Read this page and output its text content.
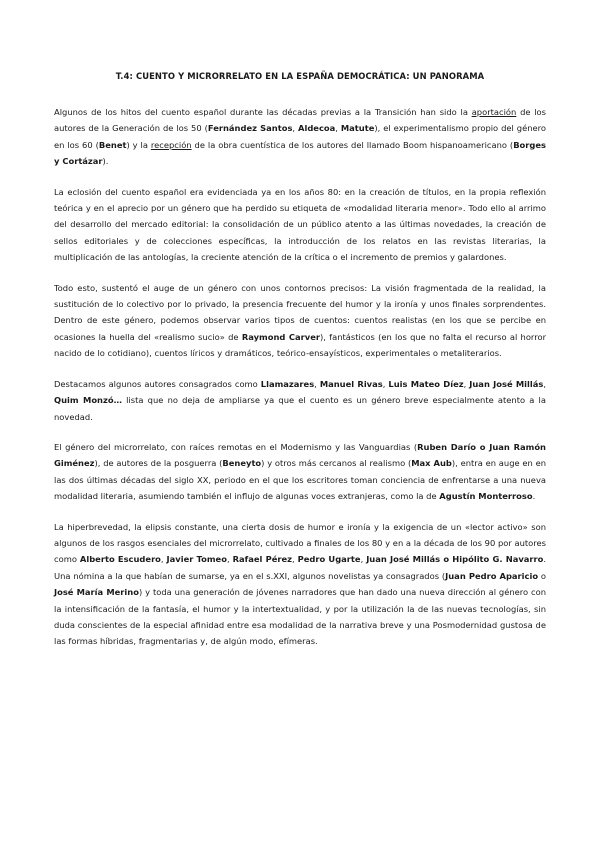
T.4: CUENTO Y MICRORRELATO EN LA ESPAÑA DEMOCRÁTICA: UN PANORAMA

Algunos de los hitos del cuento español durante las décadas previas a la Transición han sido la aportación de los autores de la Generación de los 50 (Fernández Santos, Aldecoa, Matute), el experimentalismo propio del género en los 60 (Benet) y la recepción de la obra cuentística de los autores del llamado Boom hispanoamericano (Borges y Cortázar).

La eclosión del cuento español era evidenciada ya en los años 80: en la creación de títulos, en la propia reflexión teórica y en el aprecio por un género que ha perdido su etiqueta de «modalidad literaria menor». Todo ello al arrimo del desarrollo del mercado editorial: la consolidación de un público atento a las últimas novedades, la creación de sellos editoriales y de colecciones específicas, la introducción de los relatos en las revistas literarias, la multiplicación de las antologías, la creciente atención de la crítica o el incremento de premios y galardones.

Todo esto, sustentó el auge de un género con unos contornos precisos: La visión fragmentada de la realidad, la sustitución de lo colectivo por lo privado, la presencia frecuente del humor y la ironía y unos finales sorprendentes. Dentro de este género, podemos observar varios tipos de cuentos: cuentos realistas (en los que se percibe en ocasiones la huella del «realismo sucio» de Raymond Carver), fantásticos (en los que no falta el recurso al horror nacido de lo cotidiano), cuentos líricos y dramáticos, teórico-ensayísticos, experimentales o metaliterarios.

Destacamos algunos autores consagrados como Llamazares, Manuel Rivas, Luis Mateo Díez, Juan José Millás, Quim Monzó… lista que no deja de ampliarse ya que el cuento es un género breve especialmente atento a la novedad.

El género del microrrelato, con raíces remotas en el Modernismo y las Vanguardias (Ruben Darío o Juan Ramón Giménez), de autores de la posguerra (Beneyto) y otros más cercanos al realismo (Max Aub), entra en auge en en las dos últimas décadas del siglo XX, periodo en el que los escritores toman conciencia de enfrentarse a una nueva modalidad literaria, asumiendo también el influjo de algunas voces extranjeras, como la de Agustín Monterroso.

La hiperbrevedad, la elipsis constante, una cierta dosis de humor e ironía y la exigencia de un «lector activo» son algunos de los rasgos esenciales del microrrelato, cultivado a finales de los 80 y en a la década de los 90 por autores como Alberto Escudero, Javier Tomeo, Rafael Pérez, Pedro Ugarte, Juan José Millás o Hipólito G. Navarro. Una nómina a la que habían de sumarse, ya en el s.XXI, algunos novelistas ya consagrados (Juan Pedro Aparicio o José María Merino) y toda una generación de jóvenes narradores que han dado una nueva dirección al género con la intensificación de la fantasía, el humor y la intertextualidad, y por la utilización la de las nuevas tecnologías, sin duda conscientes de la especial afinidad entre esa modalidad de la narrativa breve y una Posmodernidad gustosa de las formas híbridas, fragmentarias y, de algún modo, efímeras.
